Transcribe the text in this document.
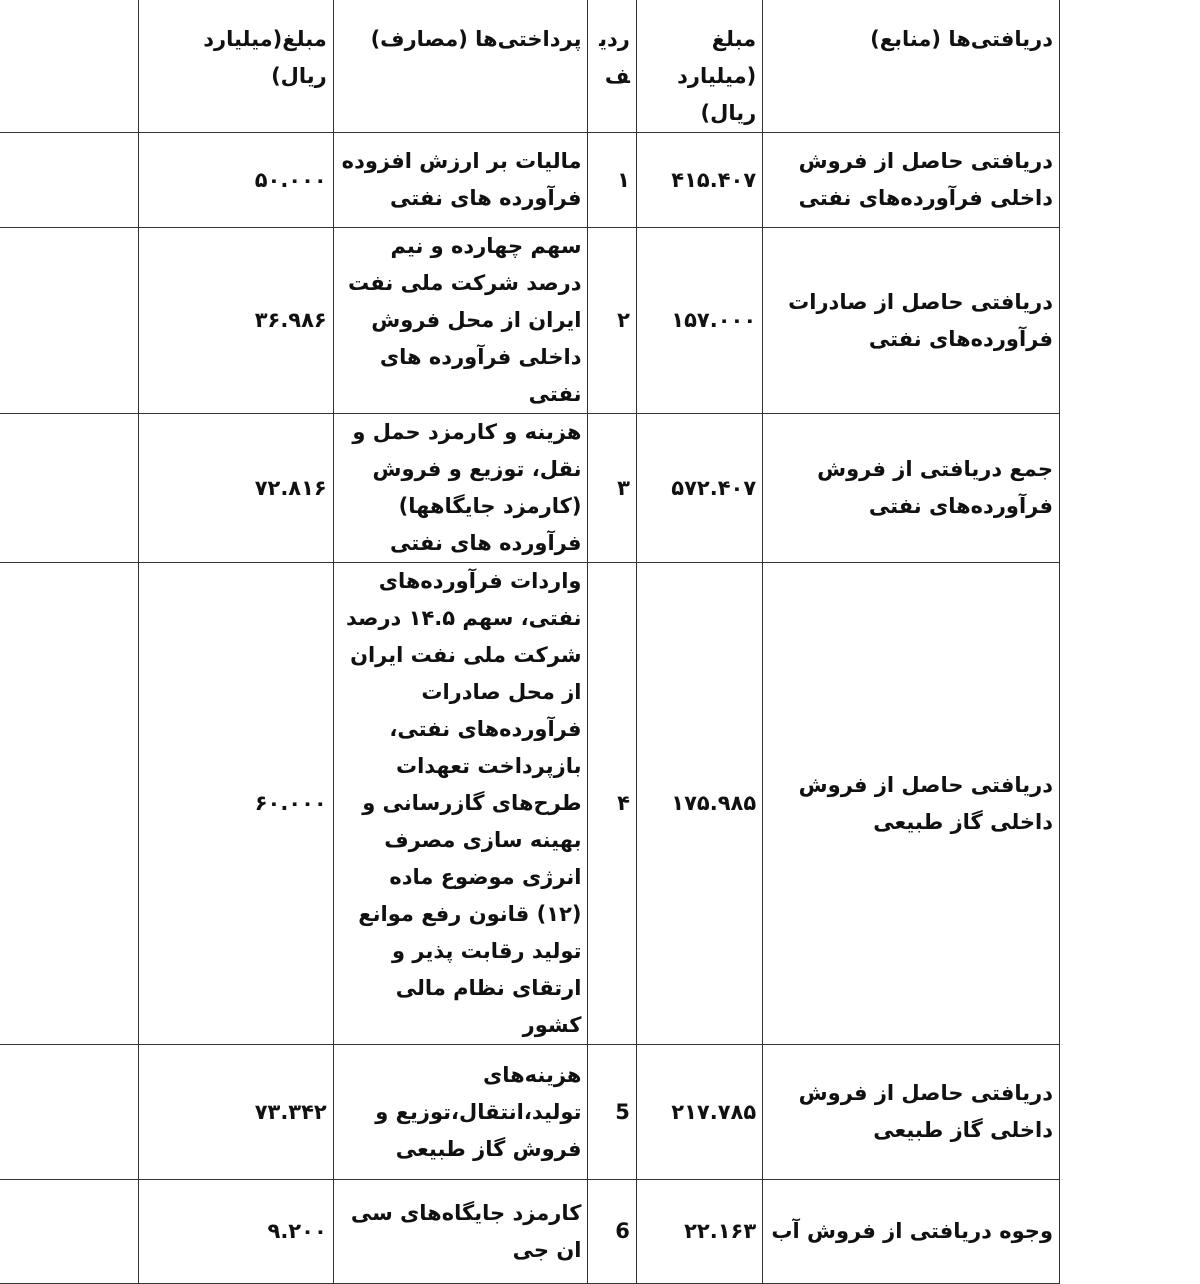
دریافتی‌ها (منابع)	مبلغ (میلیارد ریال)	ردیف	پرداختی‌ها (مصارف)	مبلغ(میلیارد ریال)	
دریافتی حاصل از فروش داخلی فرآورده‌های نفتی	۴۱۵.۴۰۷	۱	مالیات بر ارزش افزوده فرآورده های نفتی	۵۰.۰۰۰	
دریافتی حاصل از صادرات فرآورده‌های نفتی	۱۵۷.۰۰۰	۲	سهم چهارده و نیم درصد شرکت ملی نفت ایران از محل فروش داخلی فرآورده های نفتی	۳۶.۹۸۶	
جمع دریافتی از فروش فرآورده‌های نفتی	۵۷۲.۴۰۷	۳	هزینه و کارمزد حمل و نقل، توزیع و فروش (کارمزد جایگاهها) فرآورده های نفتی	۷۲.۸۱۶	
دریافتی حاصل از فروش داخلی گاز طبیعی	۱۷۵.۹۸۵	۴	واردات فرآورده‌های نفتی، سهم ۱۴.۵ درصد شرکت ملی نفت ایران از محل صادرات فرآورده‌های نفتی، بازپرداخت تعهدات طرح‌های گازرسانی و بهینه سازی مصرف انرژی موضوع ماده (۱۲) قانون رفع موانع تولید رقابت پذیر و ارتقای نظام مالی کشور	۶۰.۰۰۰	
دریافتی حاصل از فروش داخلی گاز طبیعی	۲۱۷.۷۸۵	5	هزینه‌های تولید،انتقال،توزیع و فروش گاز طبیعی	۷۳.۳۴۲	
وجوه دریافتی از فروش آب	۲۲.۱۶۳	6	کارمزد جایگاه‌های سی ان جی	۹.۲۰۰	
